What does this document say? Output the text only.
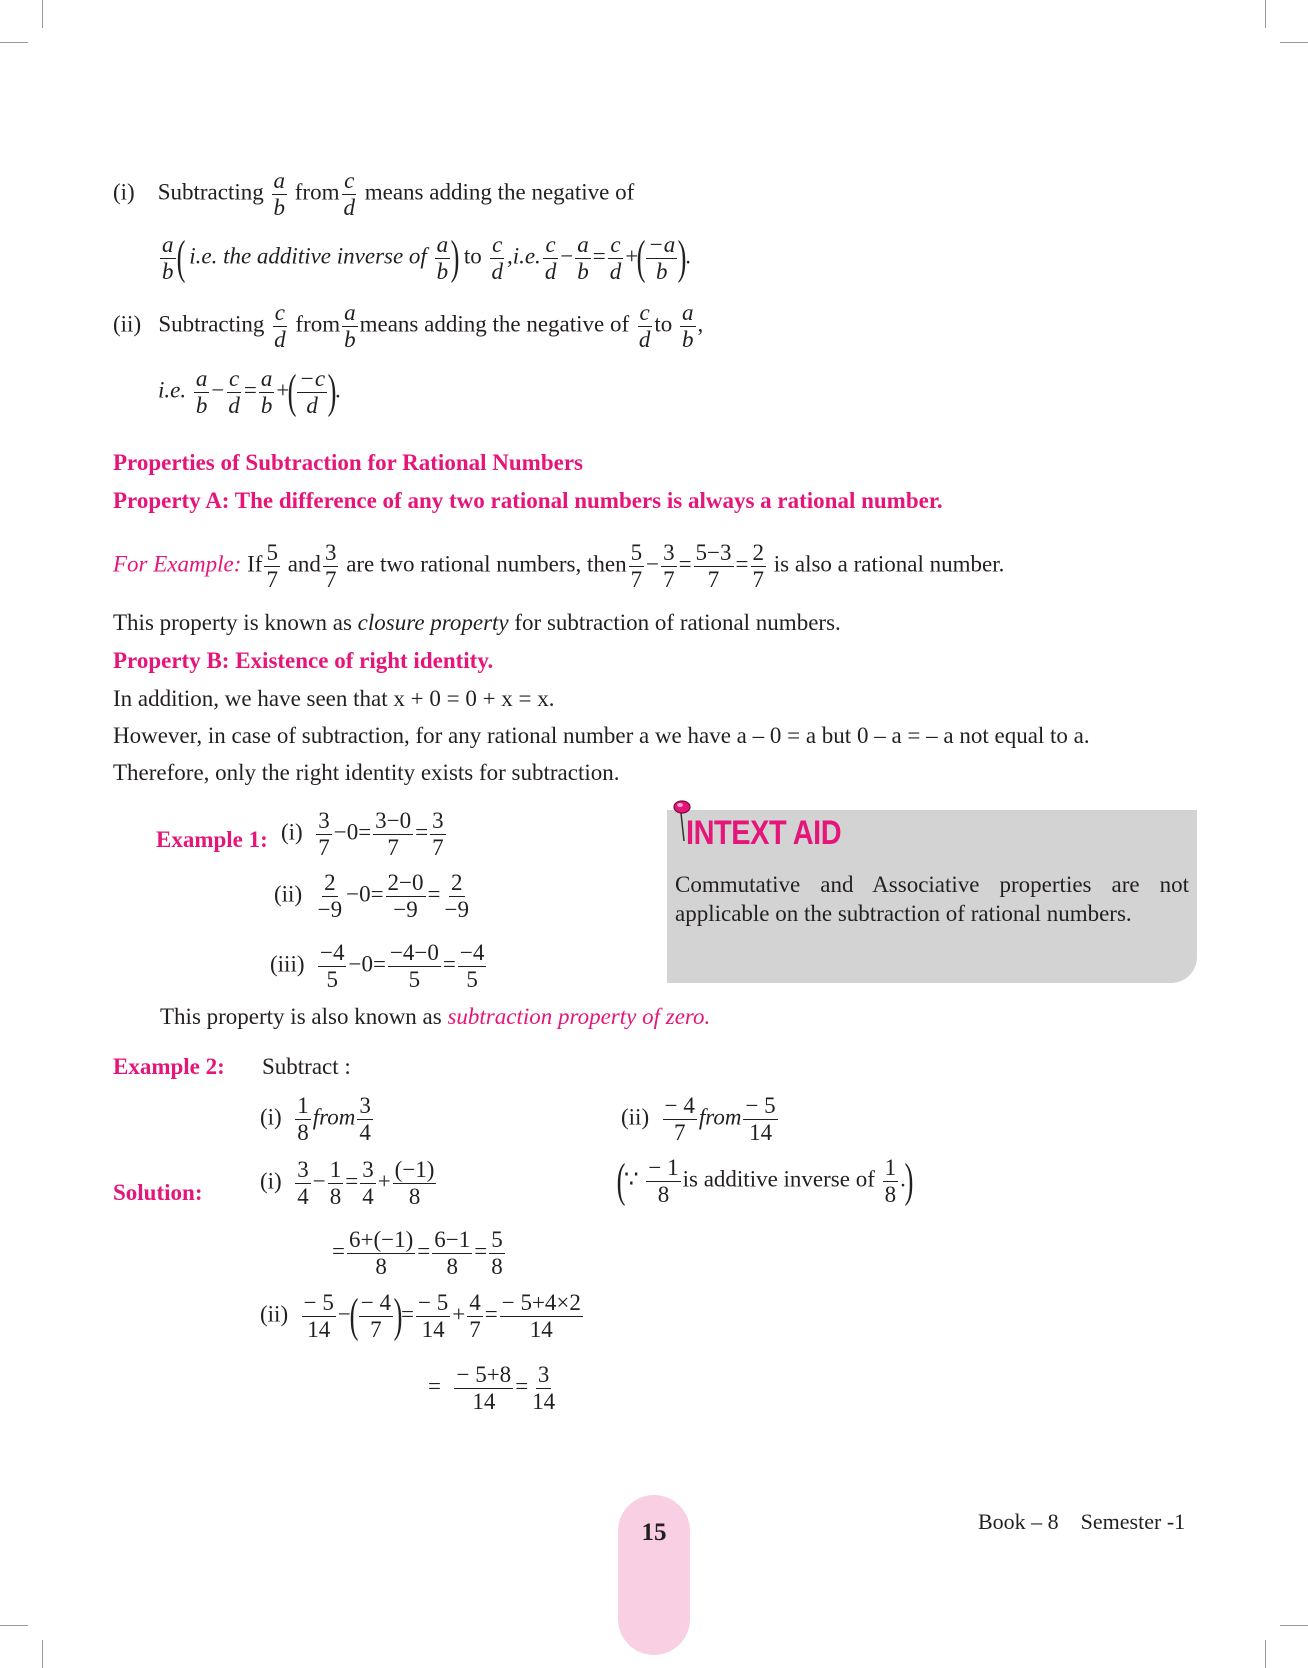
(i) Subtracting $\frac{a}{b}$ from $\frac{c}{d}$ means adding the negative of
$\frac{a}{b}$ ( i.e. the additive inverse of $\frac{a}{b}$ ) to $\frac{c}{d} ,i.e$. $\frac{c}{d} - \frac{a}{b} = \frac{c}{d}$ +( $\frac{-a}{b}$ ).
(ii) Subtracting $\frac{c}{d}$ from $\frac{a}{b}$ means adding the negative of $\frac{c}{d}$ to $\frac{a}{b}$ ,
i.e. $\frac{a}{b} - \frac{c}{d} = \frac{a}{b}$ +( $\frac{-c}{d}$ ).
Properties of Subtraction for Rational Numbers
Property A: The difference of any two rational numbers is always a rational number.
For Example: If $\frac{5}{7}$ and $\frac{3}{7}$ are two rational numbers, then $\frac{5}{7} - \frac{3}{7} = \frac{5-3}{7} = \frac{2}{7}$ is also a rational number.
This property is known as closure property for subtraction of rational numbers.
Property B: Existence of right identity.
In addition, we have seen that x + 0 = 0 + x = x.
However, in case of subtraction, for any rational number a we have a – 0 = a but 0 – a = – a not equal to a.
Therefore, only the right identity exists for subtraction.
Example 1: $(i) \frac{3}{7} -0= \frac{3-0}{7} = \frac{3}{7}$
$(ii) \frac{2}{-9} -0= \frac{2-0}{-9} = \frac{2}{-9}$
$(iii) \frac{-4}{5} -0= \frac{-4-0}{5} = \frac{-4}{5}$
INTEXT AID
Commutative and Associative properties are not applicable on the subtraction of rational numbers.
This property is also known as subtraction property of zero.
Example 2: Subtract :
$(i) \frac{1}{8}$ from $\frac{3}{4}$	$(ii) \frac{- 4}{7}$ from $\frac{- 5}{14}$
Solution:	$(i) \frac{3}{4} - \frac{1}{8} = \frac{3}{4} + \frac{(-1)}{8}$	(∵ $\frac{- 1}{8}$ is additive inverse of $\frac{1}{8}$ .)
= $\frac{6+(-1)}{8} = \frac{6-1}{8} = \frac{5}{8}$
$(ii) \frac{- 5}{14}$ −( $\frac{- 4}{7}$ )= $\frac{- 5}{14} + \frac{4}{7} = \frac{- 5+4\times 2}{14}$
= $\frac{- 5+8}{14} = \frac{3}{14}$
15	Book – 8    Semester -1
